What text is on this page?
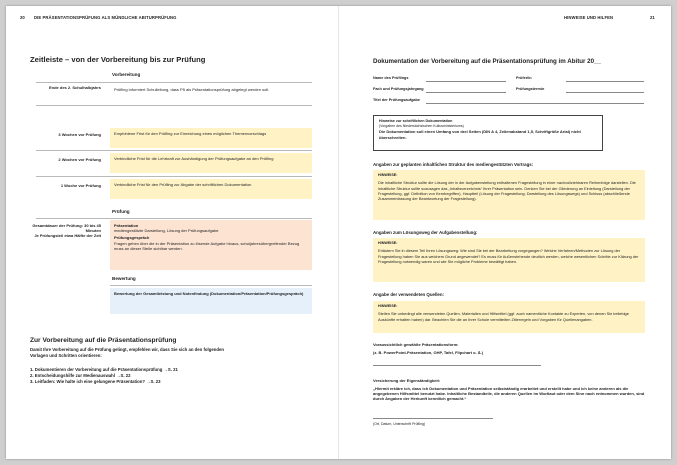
20 DIE PRÄSENTATIONSPRÜFUNG ALS MÜNDLICHE ABITURPRÜFUNG	HINWEISE UND HILFEN	21
Zeitleiste – von der Vorbereitung bis zur Prüfung
Vorbereitung
Ende des 2. Schulhalbjahrs	Prüfling informiert Schulleitung, dass P5 als Präsentationsprüfung abgelegt werden soll.
3 Wochen vor Prüfung	Empfohlene Frist für den Prüfling zur Einreichung eines möglichen Themenvorschlags
2 Wochen vor Prüfung	Verbindliche Frist für die Lehrkraft zur Aushändigung der Prüfungsaufgabe an den Prüfling
1 Woche vor Prüfung	Verbindliche Frist für den Prüfling zur Abgabe der schriftlichen Dokumentation
Prüfung
Gesamtdauer der Prüfung: 30 bis 45 Minuten
Je Prüfungsteil etwa Hälfte der Zeit
Präsentation
mediengestützte Darstellung, Lösung der Prüfungsaufgabe
Prüfungsgespräch
Fragen gehen über die in der Präsentation zu lösende Aufgabe hinaus, schuljahresübergreifender Bezug muss an dieser Stelle sichtbar werden.
Bewertung
Bewertung der Gesamtleistung und Notenfindung (Dokumentation/Präsentation/Prüfungsgespräch)
Zur Vorbereitung auf die Präsentationsprüfung
Damit Ihre Vorbereitung auf die Prüfung gelingt, empfehlen wir, dass Sie sich an den folgenden Vorlagen und Schritten orientieren:
1. Dokumentieren der Vorbereitung auf die Präsentationsprüfung →S. 21
2. Entscheidungshilfe zur Medienauswahl →S. 22
3. Leitfaden: Wie halte ich eine gelungene Präsentation? →S. 23
Dokumentation der Vorbereitung auf die Präsentationsprüfung im Abitur 20__
Name des Prüflings	Prüfer/in
Fach und Prüfungsjahrgang	Prüfungstermin
Titel der Prüfungsaufgabe
Hinweise zur schriftlichen Dokumentation
(Vorgaben des Niedersächsischen Kultusministeriums)
Die Dokumentation soll einen Umfang von drei Seiten (DIN A 4, Zeilenabstand 1,5, Schriftgröße Arial) nicht überschreiten.
Angaben zur geplanten inhaltlichen Struktur des mediengestützten Vortrags:
HINWEISE:
Die inhaltliche Struktur sollte die Lösung der in der Aufgabenstellung enthaltenen Fragestellung in einer nachvollziehbaren Reihenfolge darstellen. Die inhaltliche Struktur sollte sozusagen das „Inhaltsverzeichnis“ Ihrer Präsentation sein. Denken Sie bei der Gliederung an Einleitung (Darstellung der Fragestellung, ggf. Definition von Kernbegriffen), Hauptteil (Lösung der Fragestellung; Darstellung des Lösungswegs) und Schluss (abschließende Zusammenfassung der Beantwortung der Fragestellung).
Angaben zum Lösungsweg der Aufgabenstellung:
HINWEISE:
Erläutern Sie in diesem Teil Ihren Lösungsweg: Wie sind Sie bei der Bearbeitung vorgegangen? Welche Verfahren/Methoden zur Lösung der Fragestellung haben Sie aus welchem Grund angewendet? Es muss für Außenstehende deutlich werden, welche wesentlichen Schritte zur Klärung der Fragestellung notwendig waren und wie Sie mögliche Probleme bewältigt haben.
Angabe der verwendeten Quellen:
HINWEISE:
Stellen Sie unbedingt alle verwendeten Quellen, Materialien und Hilfsmittel (ggf. auch namentliche Kontakte zu Experten, von denen Sie beliebige Auskünfte erhalten haben) dar. Beachten Sie die an Ihrer Schule vermittelten Zitierregeln und Vorgaben für Quellenangaben.
Voraussichtlich gewählte Präsentationsform:
(z. B. PowerPoint-Präsentation, OHP, Tafel, Flipchart o. Ä.)
Versicherung der Eigenständigkeit:
„Hiermit erkläre ich, dass ich Dokumentation und Präsentation selbstständig erarbeitet und erstellt habe und ich keine anderen als die angegebenen Hilfsmittel benutzt habe. Inhaltliche Bestandteile, die anderen Quellen im Wortlaut oder dem Sinn nach entnommen wurden, sind durch Angaben der Herkunft kenntlich gemacht.“
(Ort, Datum, Unterschrift Prüfling)
